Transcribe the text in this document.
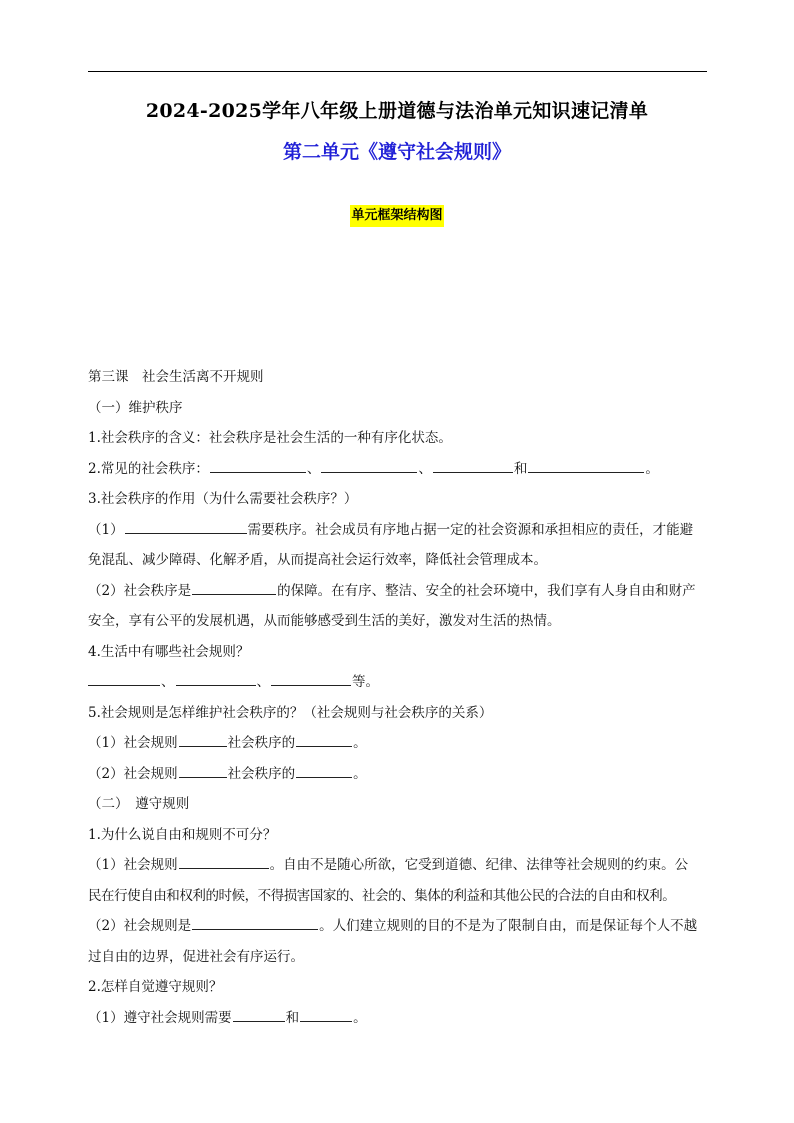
2024-2025学年八年级上册道德与法治单元知识速记清单
第二单元《遵守社会规则》
单元框架结构图
第三课　社会生活离不开规则
（一）维护秩序
1.社会秩序的含义：社会秩序是社会生活的一种有序化状态。
2.常见的社会秩序：	、	、	和	。
3.社会秩序的作用（为什么需要社会秩序？）
（1）	需要秩序。社会成员有序地占据一定的社会资源和承担相应的责任，才能避
免混乱、减少障碍、化解矛盾，从而提高社会运行效率，降低社会管理成本。
（2）社会秩序是	的保障。在有序、整洁、安全的社会环境中，我们享有人身自由和财产
安全，享有公平的发展机遇，从而能够感受到生活的美好，激发对生活的热情。
4.生活中有哪些社会规则？
、	、	等。
5.社会规则是怎样维护社会秩序的？（社会规则与社会秩序的关系）
（1）社会规则	社会秩序的	。
（2）社会规则	社会秩序的	。
（二）　遵守规则
1.为什么说自由和规则不可分？
（1）社会规则	。自由不是随心所欲，它受到道德、纪律、法律等社会规则的约束。公
民在行使自由和权利的时候，不得损害国家的、社会的、集体的利益和其他公民的合法的自由和权利。
（2）社会规则是	。人们建立规则的目的不是为了限制自由，而是保证每个人不越
过自由的边界，促进社会有序运行。
2.怎样自觉遵守规则？
（1）遵守社会规则需要	和	。
